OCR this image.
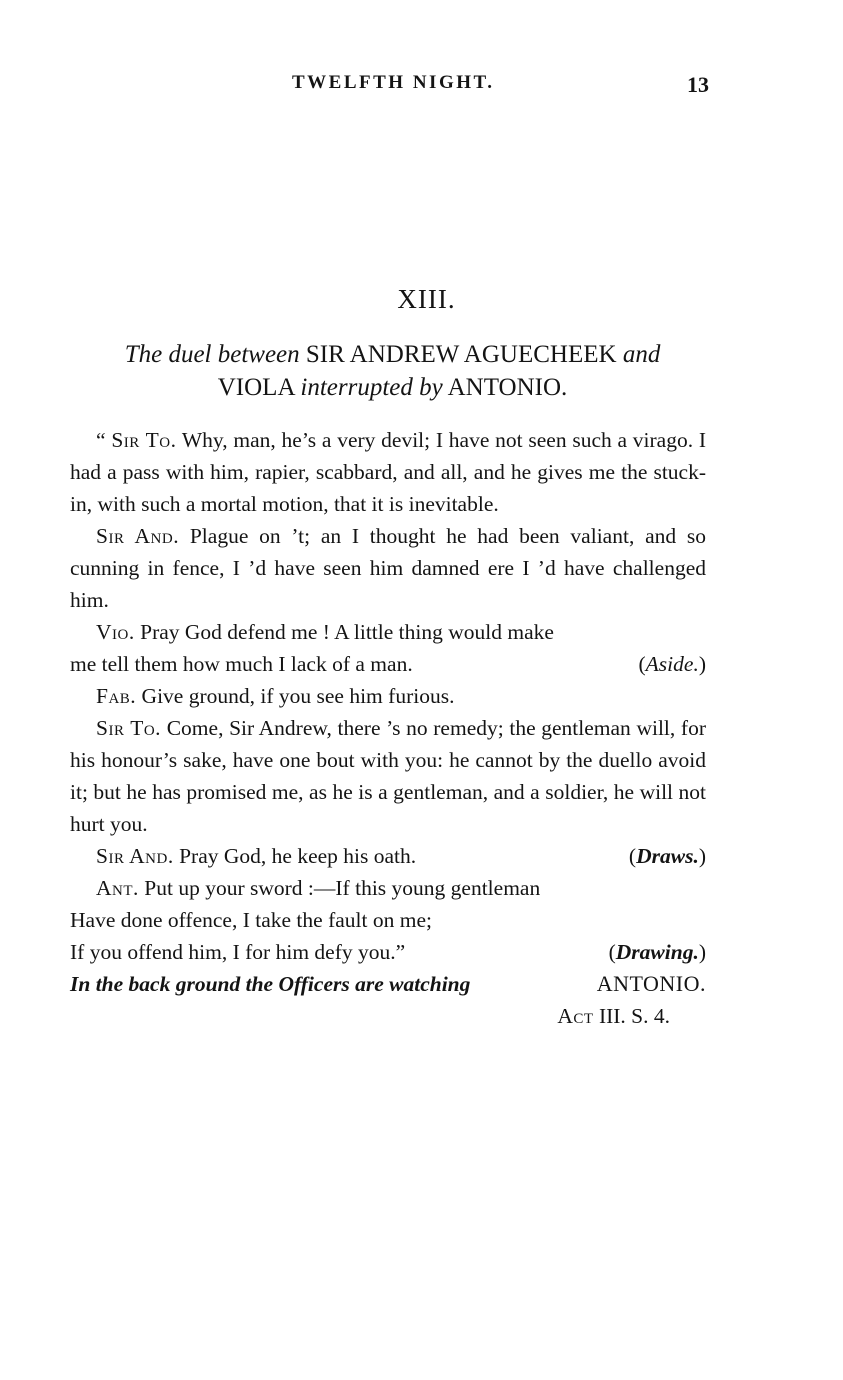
TWELFTH NIGHT.	13
XIII.
The duel between SIR ANDREW AGUECHEEK and
VIOLA interrupted by ANTONIO.

“ Sir To. Why, man, he’s a very devil; I have not seen such a virago. I had a pass with him, rapier, scabbard, and all, and he gives me the stuck-in, with such a mortal motion, that it is inevitable.

Sir And. Plague on ’t; an I thought he had been valiant, and so cunning in fence, I ’d have seen him damned ere I ’d have challenged him.

Vio. Pray God defend me ! A little thing would make

me tell them how much I lack of a man.	(Aside.)

Fab. Give ground, if you see him furious.

Sir To. Come, Sir Andrew, there ’s no remedy; the gentleman will, for his honour’s sake, have one bout with you: he cannot by the duello avoid it; but he has promised me, as he is a gentleman, and a soldier, he will not hurt you.

Sir And. Pray God, he keep his oath.	(Draws.)

Ant. Put up your sword :—If this young gentleman

Have done offence, I take the fault on me;

If you offend him, I for him defy you.”	(Drawing.)
In the back ground the Officers are watching	ANTONIO.
Act III. S. 4.
